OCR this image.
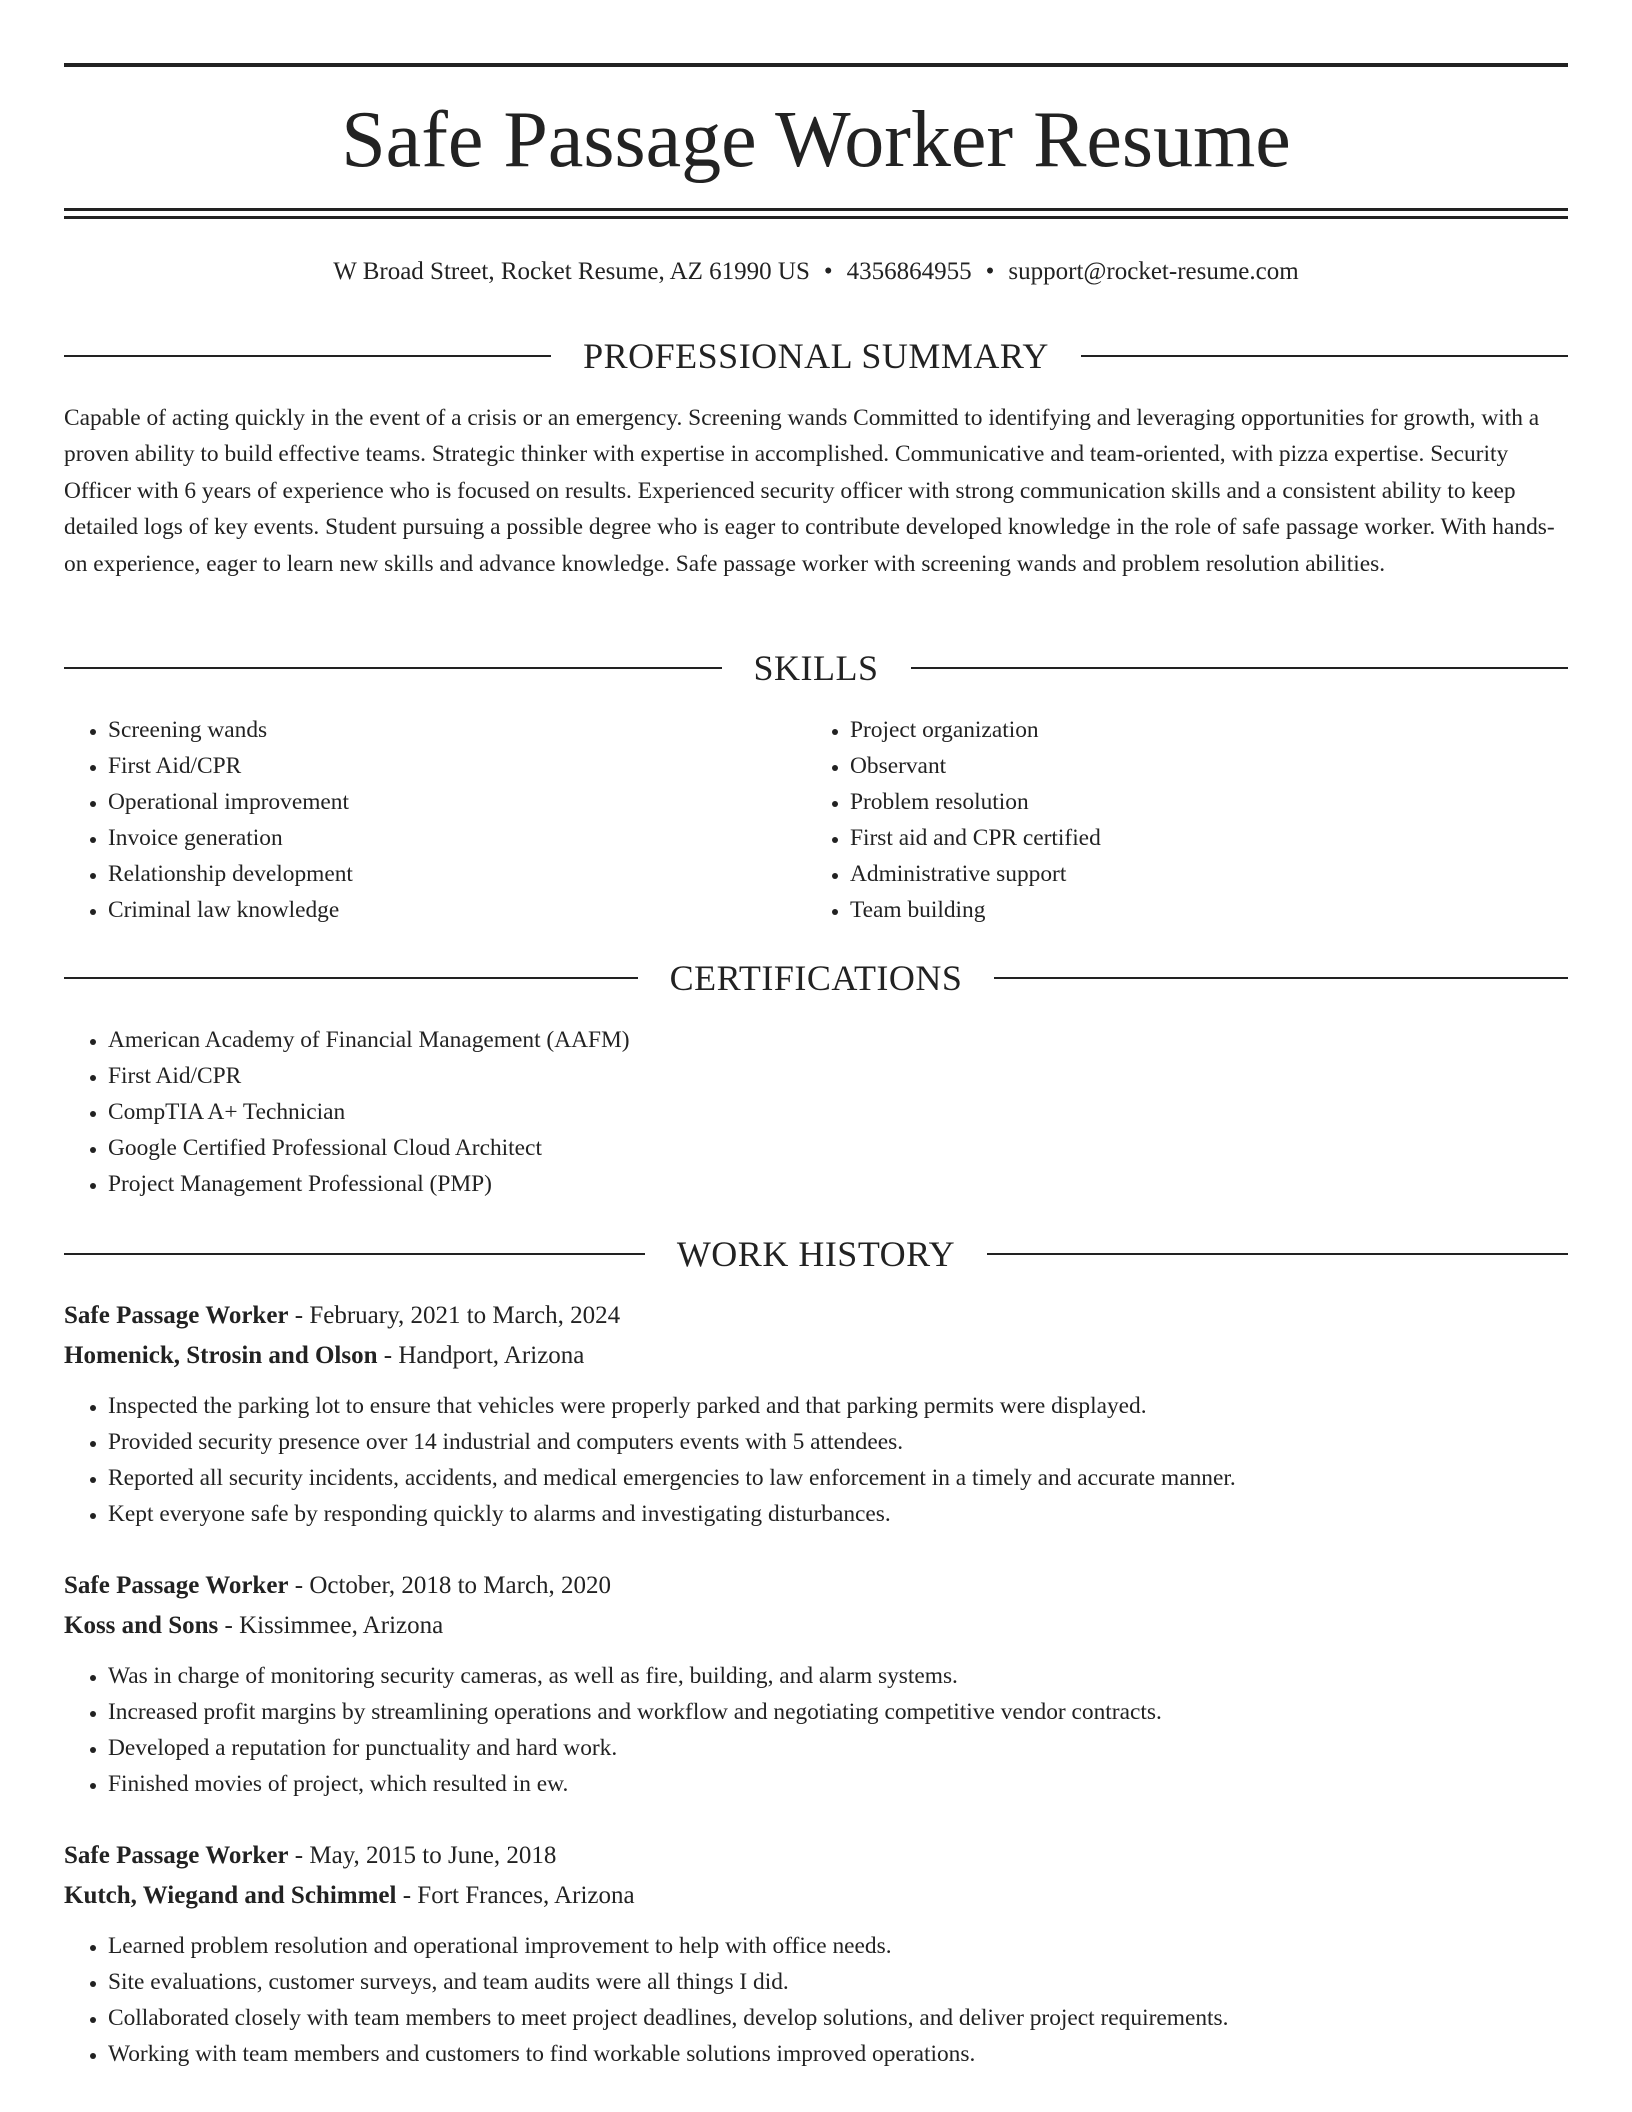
Safe Passage Worker Resume
W Broad Street, Rocket Resume, AZ 61990 US • 4356864955 • support@rocket-resume.com
PROFESSIONAL SUMMARY

Capable of acting quickly in the event of a crisis or an emergency. Screening wands Committed to identifying and leveraging opportunities for growth, with a proven ability to build effective teams. Strategic thinker with expertise in accomplished. Communicative and team-oriented, with pizza expertise. Security Officer with 6 years of experience who is focused on results. Experienced security officer with strong communication skills and a consistent ability to keep detailed logs of key events. Student pursuing a possible degree who is eager to contribute developed knowledge in the role of safe passage worker. With hands-on experience, eager to learn new skills and advance knowledge. Safe passage worker with screening wands and problem resolution abilities.

SKILLS
• Screening wands
• First Aid/CPR
• Operational improvement
• Invoice generation
• Relationship development
• Criminal law knowledge
• Project organization
• Observant
• Problem resolution
• First aid and CPR certified
• Administrative support
• Team building
CERTIFICATIONS
• American Academy of Financial Management (AAFM)
• First Aid/CPR
• CompTIA A+ Technician
• Google Certified Professional Cloud Architect
• Project Management Professional (PMP)
WORK HISTORY

Safe Passage Worker - February, 2021 to March, 2024

Homenick, Strosin and Olson - Handport, Arizona

• Inspected the parking lot to ensure that vehicles were properly parked and that parking permits were displayed.
• Provided security presence over 14 industrial and computers events with 5 attendees.
• Reported all security incidents, accidents, and medical emergencies to law enforcement in a timely and accurate manner.
• Kept everyone safe by responding quickly to alarms and investigating disturbances.

Safe Passage Worker - October, 2018 to March, 2020

Koss and Sons - Kissimmee, Arizona

• Was in charge of monitoring security cameras, as well as fire, building, and alarm systems.
• Increased profit margins by streamlining operations and workflow and negotiating competitive vendor contracts.
• Developed a reputation for punctuality and hard work.
• Finished movies of project, which resulted in ew.

Safe Passage Worker - May, 2015 to June, 2018

Kutch, Wiegand and Schimmel - Fort Frances, Arizona

• Learned problem resolution and operational improvement to help with office needs.
• Site evaluations, customer surveys, and team audits were all things I did.
• Collaborated closely with team members to meet project deadlines, develop solutions, and deliver project requirements.
• Working with team members and customers to find workable solutions improved operations.
